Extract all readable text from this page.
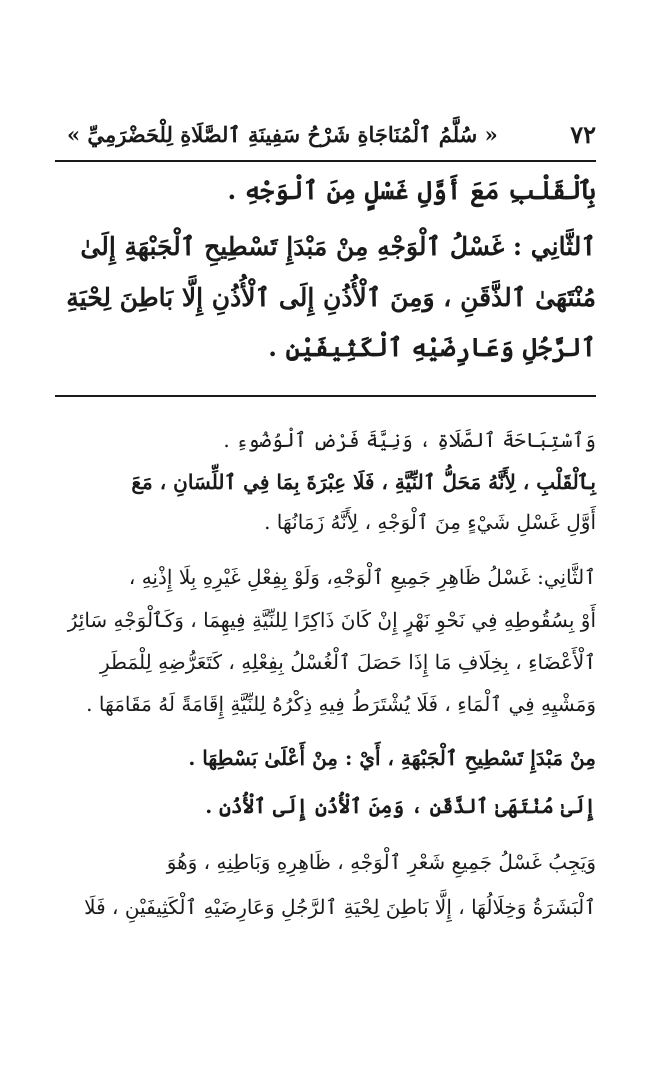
٧٢
« سُلَّمُ ٱلْمُنَاجَاةِ شَرْحُ سَفِينَةِ ٱلصَّلَاةِ لِلْحَضْرَمِيِّ »
بِٱلْقَلْبِ مَعَ أَوَّلِ غَسْلٍ مِنَ ٱلْوَجْهِ .
ٱلثَّانِي : غَسْلُ ٱلْوَجْهِ مِنْ مَبْدَإِ تَسْطِيحِ ٱلْجَبْهَةِ إِلَىٰ
مُنْتَهَىٰ ٱلذَّقَنِ ، وَمِنَ ٱلْأُذُنِ إِلَى ٱلْأُذُنِ إِلَّا بَاطِنَ لِحْيَةِ
ٱلرَّجُلِ وَعَارِضَيْهِ ٱلْكَثِيفَيْنِ .
وَٱسْتِبَاحَةَ ٱلصَّلَاةِ ، وَنِيَّةَ فَرْضِ ٱلْوُضُوءِ .
بِٱلْقَلْبِ ، لِأَنَّهُ مَحَلُّ ٱلنِّيَّةِ ، فَلَا عِبْرَةَ بِمَا فِي ٱللِّسَانِ ، مَعَ
أَوَّلِ غَسْلِ شَيْءٍ مِنَ ٱلْوَجْهِ ، لِأَنَّهُ زَمَانُهَا .
ٱلثَّانِي: غَسْلُ ظَاهِرِ جَمِيعِ ٱلْوَجْهِ، وَلَوْ بِفِعْلِ غَيْرِهِ بِلَا إِذْنِهِ ،
أَوْ بِسُقُوطِهِ فِي نَحْوِ نَهْرٍ إِنْ كَانَ ذَاكِرًا لِلنِّيَّةِ فِيهِمَا ، وَكَٱلْوَجْهِ سَائِرُ
ٱلْأَعْضَاءِ ، بِخِلَافِ مَا إِذَا حَصَلَ ٱلْغُسْلُ بِفِعْلِهِ ، كَتَعَرُّضِهِ لِلْمَطَرِ
وَمَشْيِهِ فِي ٱلْمَاءِ ، فَلَا يُشْتَرَطُ فِيهِ ذِكْرُهُ لِلنِّيَّةِ إِقَامَةً لَهُ مَقَامَهَا .
مِنْ مَبْدَإِ تَسْطِيحِ ٱلْجَبْهَةِ ، أَيْ : مِنْ أَعْلَىٰ بَسْطِهَا .
إِلَىٰ مُنْتَهَىٰ ٱلذَّقَنِ ، وَمِنَ ٱلْأُذُنِ إِلَى ٱلْأُذُنِ .
وَيَجِبُ غَسْلُ جَمِيعِ شَعْرِ ٱلْوَجْهِ ، ظَاهِرِهِ وَبَاطِنِهِ ، وَهُوَ
ٱلْبَشَرَةُ وَخِلَالُهَا ، إِلَّا بَاطِنَ لِحْيَةِ ٱلرَّجُلِ وَعَارِضَيْهِ ٱلْكَثِيفَيْنِ ، فَلَا
